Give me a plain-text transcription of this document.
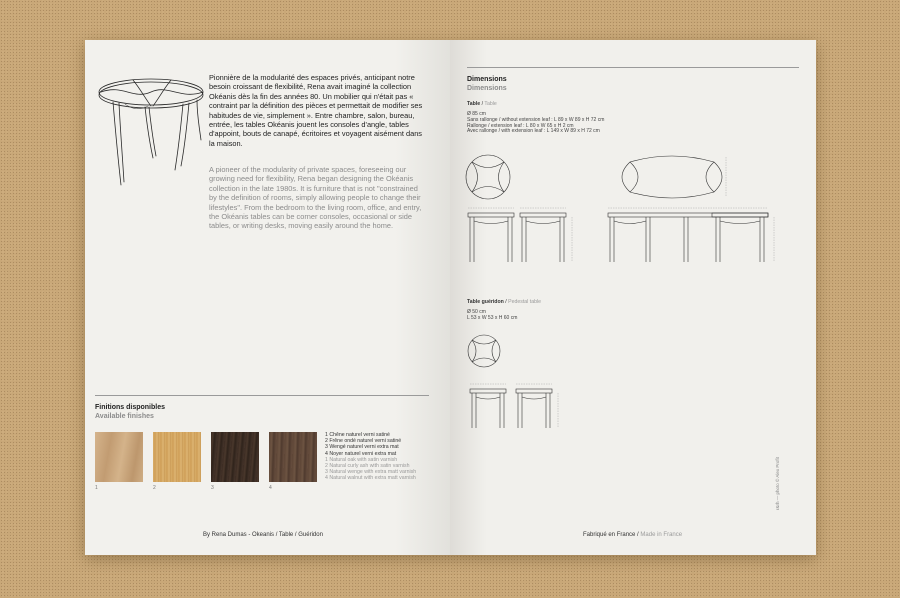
Pionnière de la modularité des espaces privés, anticipant notre besoin croissant de flexibilité, Rena avait imaginé la collection Okéanis dès la fin des années 80. Un mobilier qui n'était pas « contraint par la définition des pièces et permettait de modifier ses habitudes de vie, simplement ». Entre chambre, salon, bureau, entrée, les tables Okéanis jouent les consoles d'angle, tables d'appoint, bouts de canapé, écritoires et voyagent aisément dans la maison.

A pioneer of the modularity of private spaces, foreseeing our growing need for flexibility, Rena began designing the Okéanis collection in the late 1980s. It is furniture that is not "constrained by the definition of rooms, simply allowing people to change their lifestyles". From the bedroom to the living room, office, and entry, the Okéanis tables can be corner consoles, occasional or side tables, or writing desks, moving easily around the home.

Finitions disponibles
Available finishes
1	2	3	4
1 Chêne naturel verni satiné
2 Frêne ondé naturel verni satiné
3 Wengé naturel verni extra mat
4 Noyer naturel verni extra mat
1 Natural oak with satin varnish
2 Natural curly ash with satin varnish
3 Natural wenge with extra matt varnish
4 Natural walnut with extra matt varnish
By Rena Dumas - Okeanis / Table / Guéridon
Dimensions
Dimensions
Table / Table
Ø 85 cm
Sans rallonge / without extension leaf : L 89 x W 89 x H 72 cm
Rallonge / extension leaf : L 80 x W 65 x H 2 cm
Avec rallonge / with extension leaf : L 149 x W 89 x H 72 cm
Table guéridon / Pedestal table
Ø 50 cm
L 53 x W 53 x H 60 cm
Fabriqué en France / Made in France
r&rh — photo © Alex Profit
